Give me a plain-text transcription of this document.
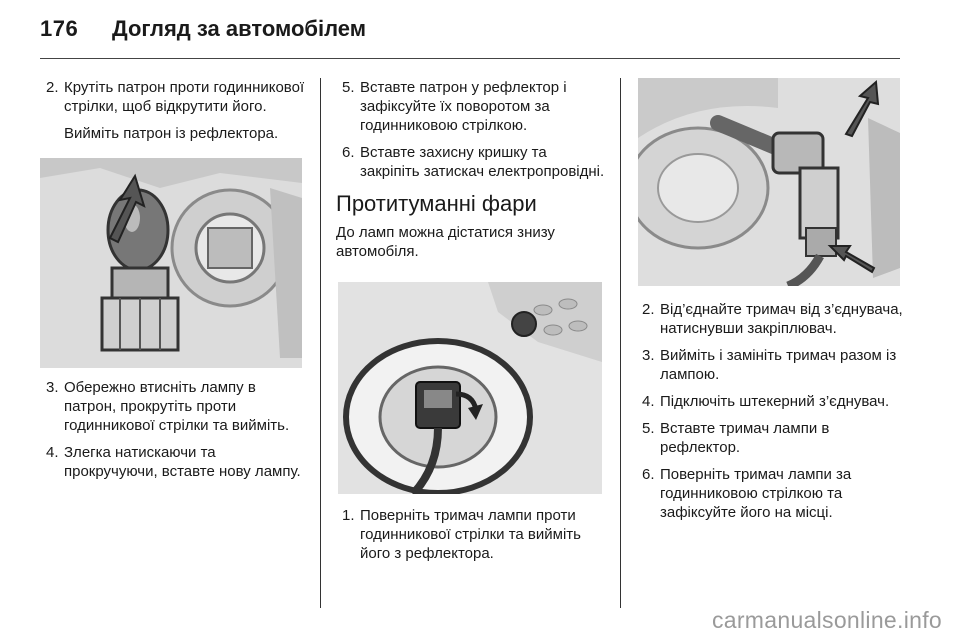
176 Догляд за автомобілем
2. Крутіть патрон проти годинникової стрілки, щоб відкрутити його.
Вийміть патрон із рефлектора.
3. Обережно втисніть лампу в патрон, прокрутіть проти годинникової стрілки та вийміть.
4. Злегка натискаючи та прокручуючи, вставте нову лампу.
5. Вставте патрон у рефлектор і зафіксуйте їх поворотом за годинниковою стрілкою.
6. Вставте захисну кришку та закріпіть затискач електропровідні.
Протитуманні фари
До ламп можна дістатися знизу автомобіля.
1. Поверніть тримач лампи проти годинникової стрілки та вийміть його з рефлектора.
2. Від’єднайте тримач від з’єднувача, натиснувши закріплювач.
3. Вийміть і замініть тримач разом із лампою.
4. Підключіть штекерний з’єднувач.
5. Вставте тримач лампи в рефлектор.
6. Поверніть тримач лампи за годинниковою стрілкою та зафіксуйте його на місці.
carmanualsonline.info
